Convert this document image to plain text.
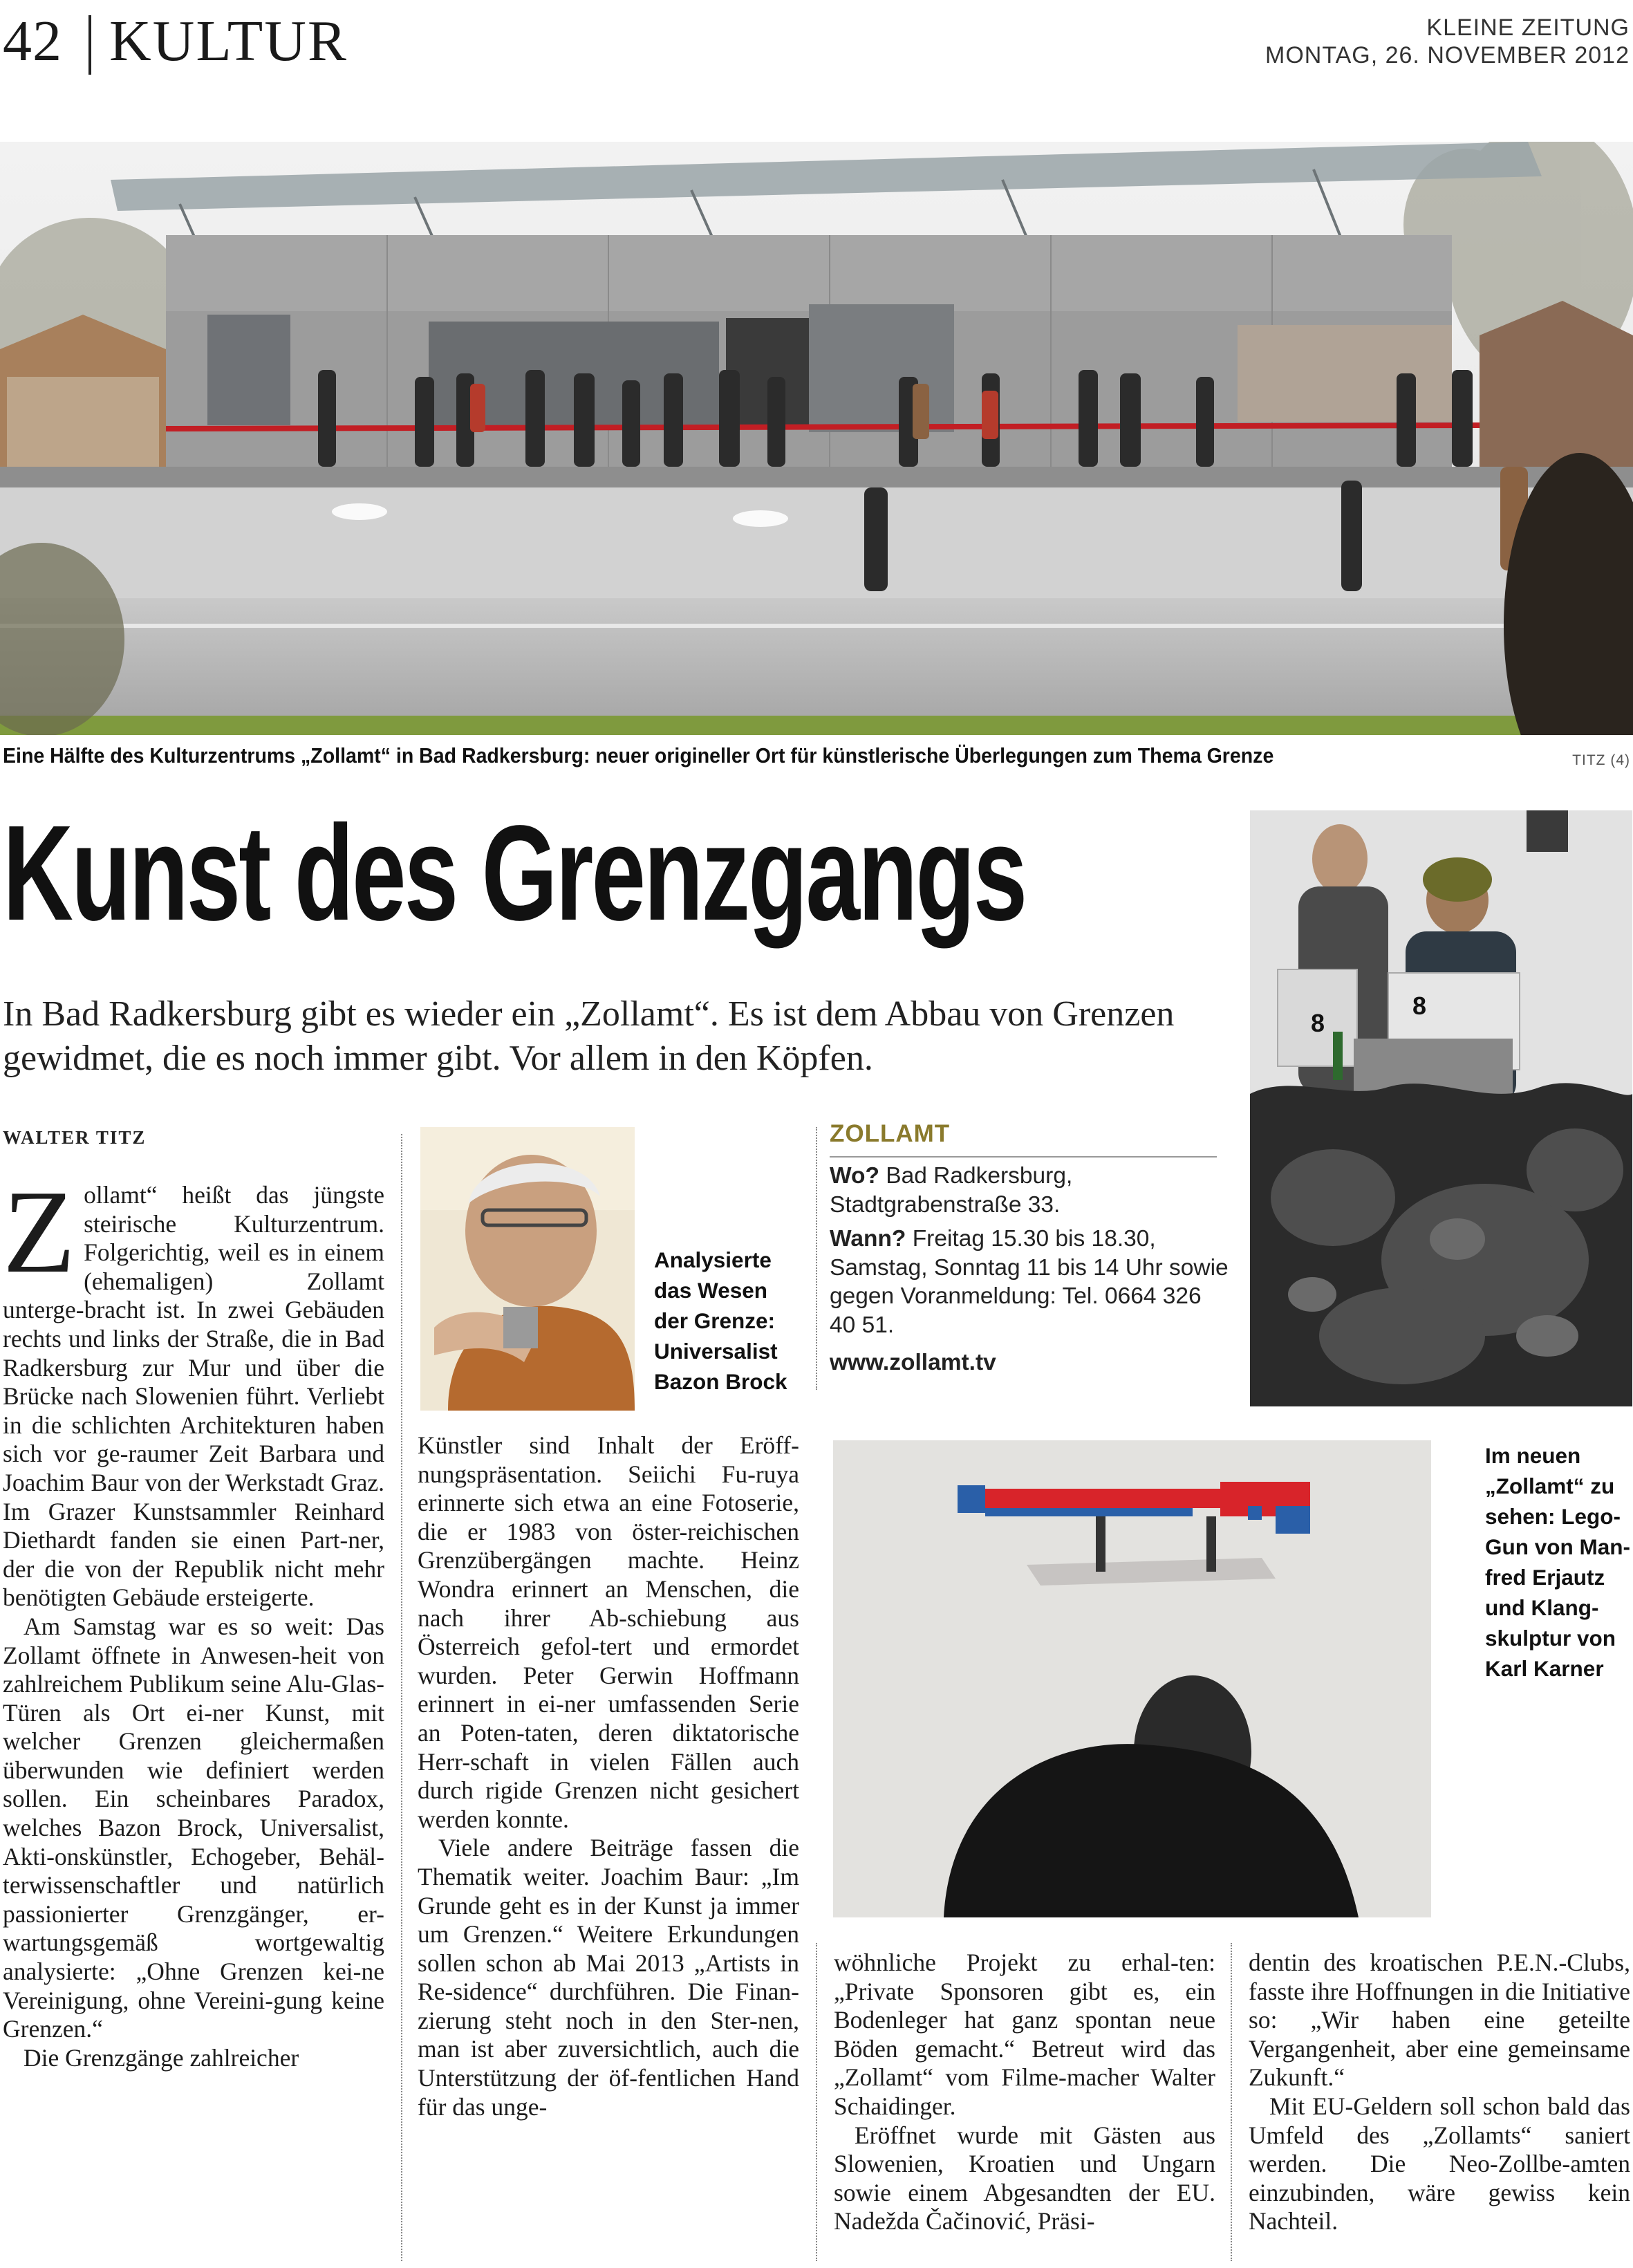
42 KULTUR	KLEINE ZEITUNG
MONTAG, 26. NOVEMBER 2012
Eine Hälfte des Kulturzentrums „Zollamt“ in Bad Radkersburg: neuer origineller Ort für künstlerische Überlegungen zum Thema Grenze	TITZ (4)
Kunst des Grenzgangs
In Bad Radkersburg gibt es wieder ein „Zollamt“. Es ist dem Abbau von Grenzen gewidmet, die es noch immer gibt. Vor allem in den Köpfen.
8
8
WALTER TITZ

Zollamt“ heißt das jüngste steirische Kulturzentrum. Folgerichtig, weil es in einem (ehemaligen) Zollamt unterge-bracht ist. In zwei Gebäuden rechts und links der Straße, die in Bad Radkersburg zur Mur und über die Brücke nach Slowenien führt. Verliebt in die schlichten Architekturen haben sich vor ge-raumer Zeit Barbara und Joachim Baur von der Werkstadt Graz. Im Grazer Kunstsammler Reinhard Diethardt fanden sie einen Part-ner, der die von der Republik nicht mehr benötigten Gebäude ersteigerte.

Am Samstag war es so weit: Das Zollamt öffnete in Anwesen-heit von zahlreichem Publikum seine Alu-Glas-Türen als Ort ei-ner Kunst, mit welcher Grenzen gleichermaßen überwunden wie definiert werden sollen. Ein scheinbares Paradox, welches Bazon Brock, Universalist, Akti-onskünstler, Echogeber, Behäl-terwissenschaftler und natürlich passionierter Grenzgänger, er-wartungsgemäß wortgewaltig analysierte: „Ohne Grenzen kei-ne Vereinigung, ohne Vereini-gung keine Grenzen.“

Die Grenzgänge zahlreicher

Analysierte das Wesen der Grenze: Universalist Bazon Brock

Künstler sind Inhalt der Eröff-nungspräsentation. Seiichi Fu-ruya erinnerte sich etwa an eine Fotoserie, die er 1983 von öster-reichischen Grenzübergängen machte. Heinz Wondra erinnert an Menschen, die nach ihrer Ab-schiebung aus Österreich gefol-tert und ermordet wurden. Peter Gerwin Hoffmann erinnert in ei-ner umfassenden Serie an Poten-taten, deren diktatorische Herr-schaft in vielen Fällen auch durch rigide Grenzen nicht gesichert werden konnte.

Viele andere Beiträge fassen die Thematik weiter. Joachim Baur: „Im Grunde geht es in der Kunst ja immer um Grenzen.“ Weitere Erkundungen sollen schon ab Mai 2013 „Artists in Re-sidence“ durchführen. Die Finan-zierung steht noch in den Ster-nen, man ist aber zuversichtlich, auch die Unterstützung der öf-fentlichen Hand für das unge-

ZOLLAMT
Wo? Bad Radkersburg, Stadtgrabenstraße 33.
Wann? Freitag 15.30 bis 18.30, Samstag, Sonntag 11 bis 14 Uhr sowie gegen Voranmeldung: Tel. 0664 326 40 51.
www.zollamt.tv
Im neuen „Zollamt“ zu sehen: Lego-Gun von Man-fred Erjautz und Klang-skulptur von Karl Karner

wöhnliche Projekt zu erhal-ten: „Private Sponsoren gibt es, ein Bodenleger hat ganz spontan neue Böden gemacht.“ Betreut wird das „Zollamt“ vom Filme-macher Walter Schaidinger.

Eröffnet wurde mit Gästen aus Slowenien, Kroatien und Ungarn sowie einem Abgesandten der EU. Nadežda Čačinović, Präsi-

dentin des kroatischen P.E.N.-Clubs, fasste ihre Hoffnungen in die Initiative so: „Wir haben eine geteilte Vergangenheit, aber eine gemeinsame Zukunft.“

Mit EU-Geldern soll schon bald das Umfeld des „Zollamts“ saniert werden. Die Neo-Zollbe-amten einzubinden, wäre gewiss kein Nachteil.
